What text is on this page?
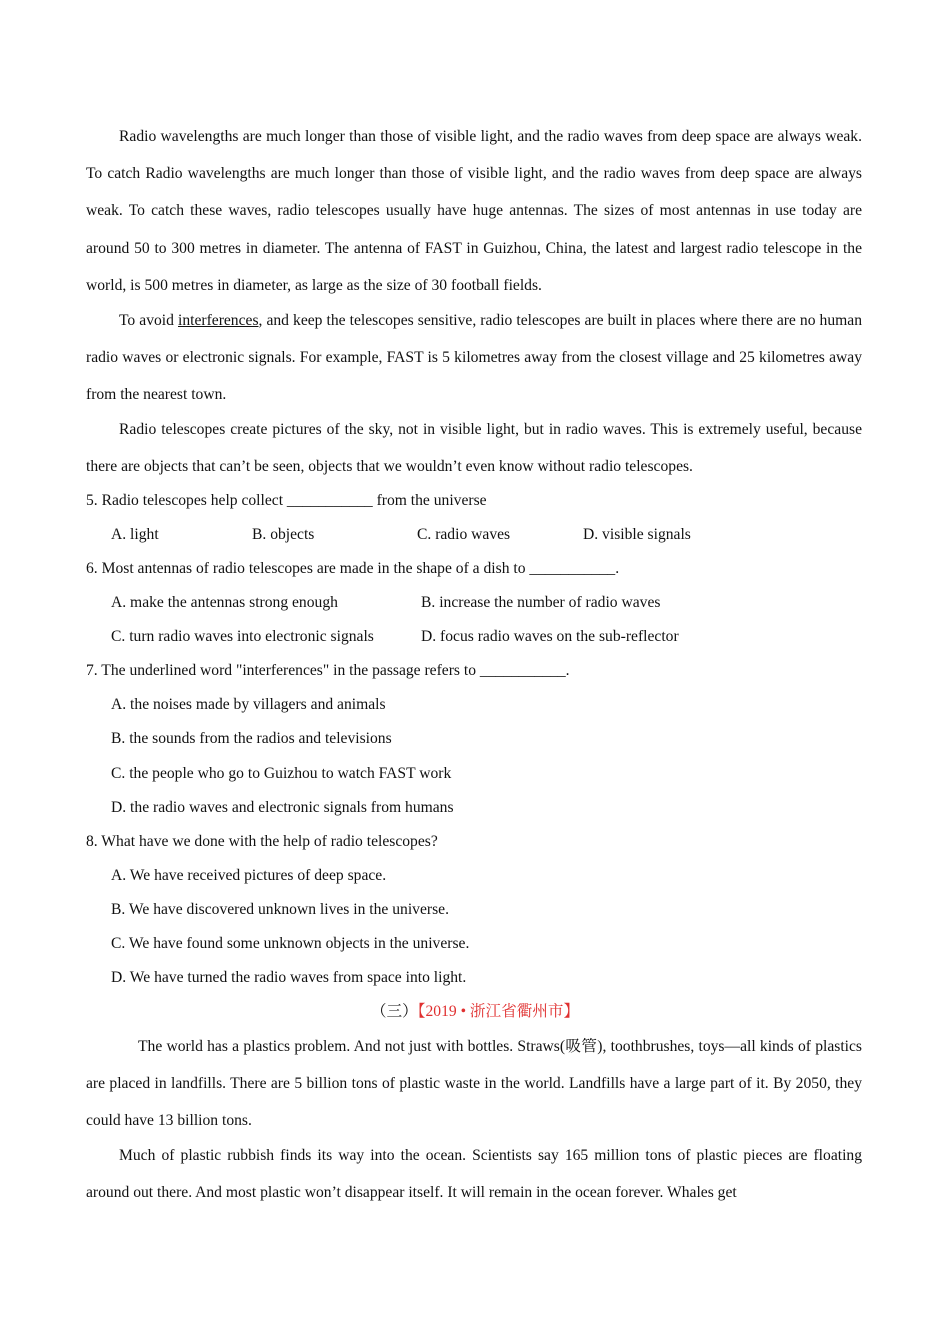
Radio wavelengths are much longer than those of visible light, and the radio waves from deep space are always weak. To catch Radio wavelengths are much longer than those of visible light, and the radio waves from deep space are always weak. To catch these waves, radio telescopes usually have huge antennas. The sizes of most antennas in use today are around 50 to 300 metres in diameter. The antenna of FAST in Guizhou, China, the latest and largest radio telescope in the world, is 500 metres in diameter, as large as the size of 30 football fields.

To avoid interferences, and keep the telescopes sensitive, radio telescopes are built in places where there are no human radio waves or electronic signals. For example, FAST is 5 kilometres away from the closest village and 25 kilometres away from the nearest town.

Radio telescopes create pictures of the sky, not in visible light, but in radio waves. This is extremely useful, because there are objects that can’t be seen, objects that we wouldn’t even know without radio telescopes.

5. Radio telescopes help collect ___________ from the universe

A. light	B. objects	C. radio waves	D. visible signals

6. Most antennas of radio telescopes are made in the shape of a dish to ___________.

A. make the antennas strong enough	B. increase the number of radio waves

C. turn radio waves into electronic signals	D. focus radio waves on the sub-reflector

7. The underlined word "interferences" in the passage refers to ___________.

A. the noises made by villagers and animals

B. the sounds from the radios and televisions

C. the people who go to Guizhou to watch FAST work

D. the radio waves and electronic signals from humans

8. What have we done with the help of radio telescopes?

A. We have received pictures of deep space.

B. We have discovered unknown lives in the universe.

C. We have found some unknown objects in the universe.

D. We have turned the radio waves from space into light.

（三）【2019 • 浙江省衢州市】

The world has a plastics problem. And not just with bottles. Straws(吸管), toothbrushes, toys—all kinds of plastics are placed in landfills. There are 5 billion tons of plastic waste in the world. Landfills have a large part of it. By 2050, they could have 13 billion tons.

Much of plastic rubbish finds its way into the ocean. Scientists say 165 million tons of plastic pieces are floating around out there. And most plastic won’t disappear itself. It will remain in the ocean forever. Whales get
